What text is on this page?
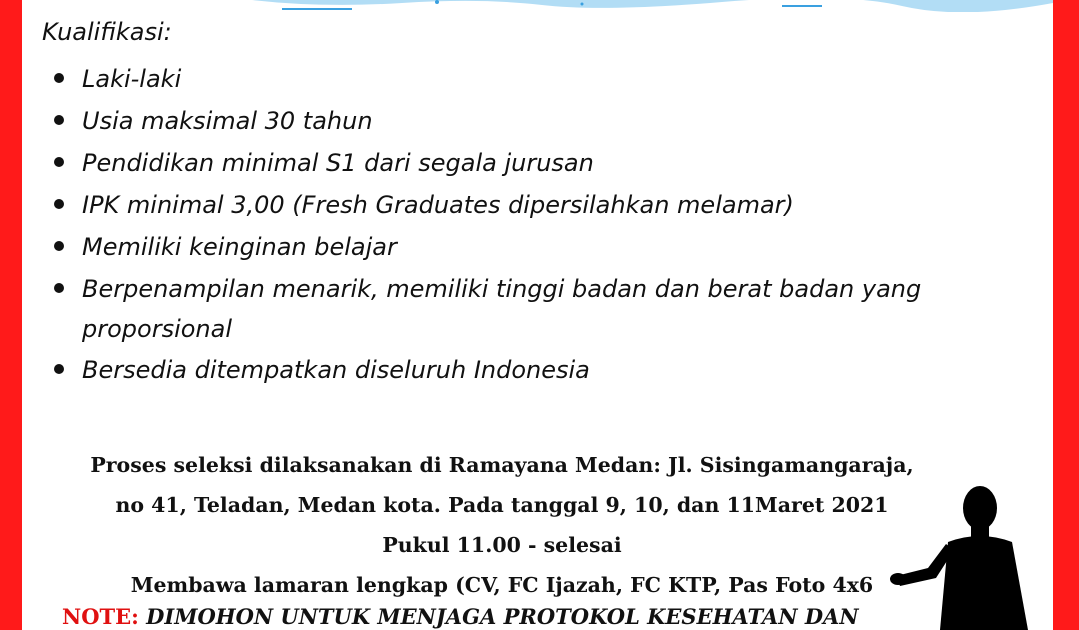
Kualifikasi:
Laki-laki
Usia maksimal 30 tahun
Pendidikan minimal S1 dari segala jurusan
IPK minimal 3,00 (Fresh Graduates dipersilahkan melamar)
Memiliki keinginan belajar
Berpenampilan menarik, memiliki tinggi badan dan berat badan yang
proporsional
Bersedia ditempatkan diseluruh Indonesia
Proses seleksi dilaksanakan di Ramayana Medan: Jl. Sisingamangaraja,
no 41, Teladan, Medan kota. Pada tanggal 9, 10, dan 11Maret 2021
Pukul 11.00 - selesai
Membawa lamaran lengkap (CV, FC Ijazah, FC KTP, Pas Foto 4x6
NOTE: DIMOHON UNTUK MENJAGA PROTOKOL KESEHATAN DAN
